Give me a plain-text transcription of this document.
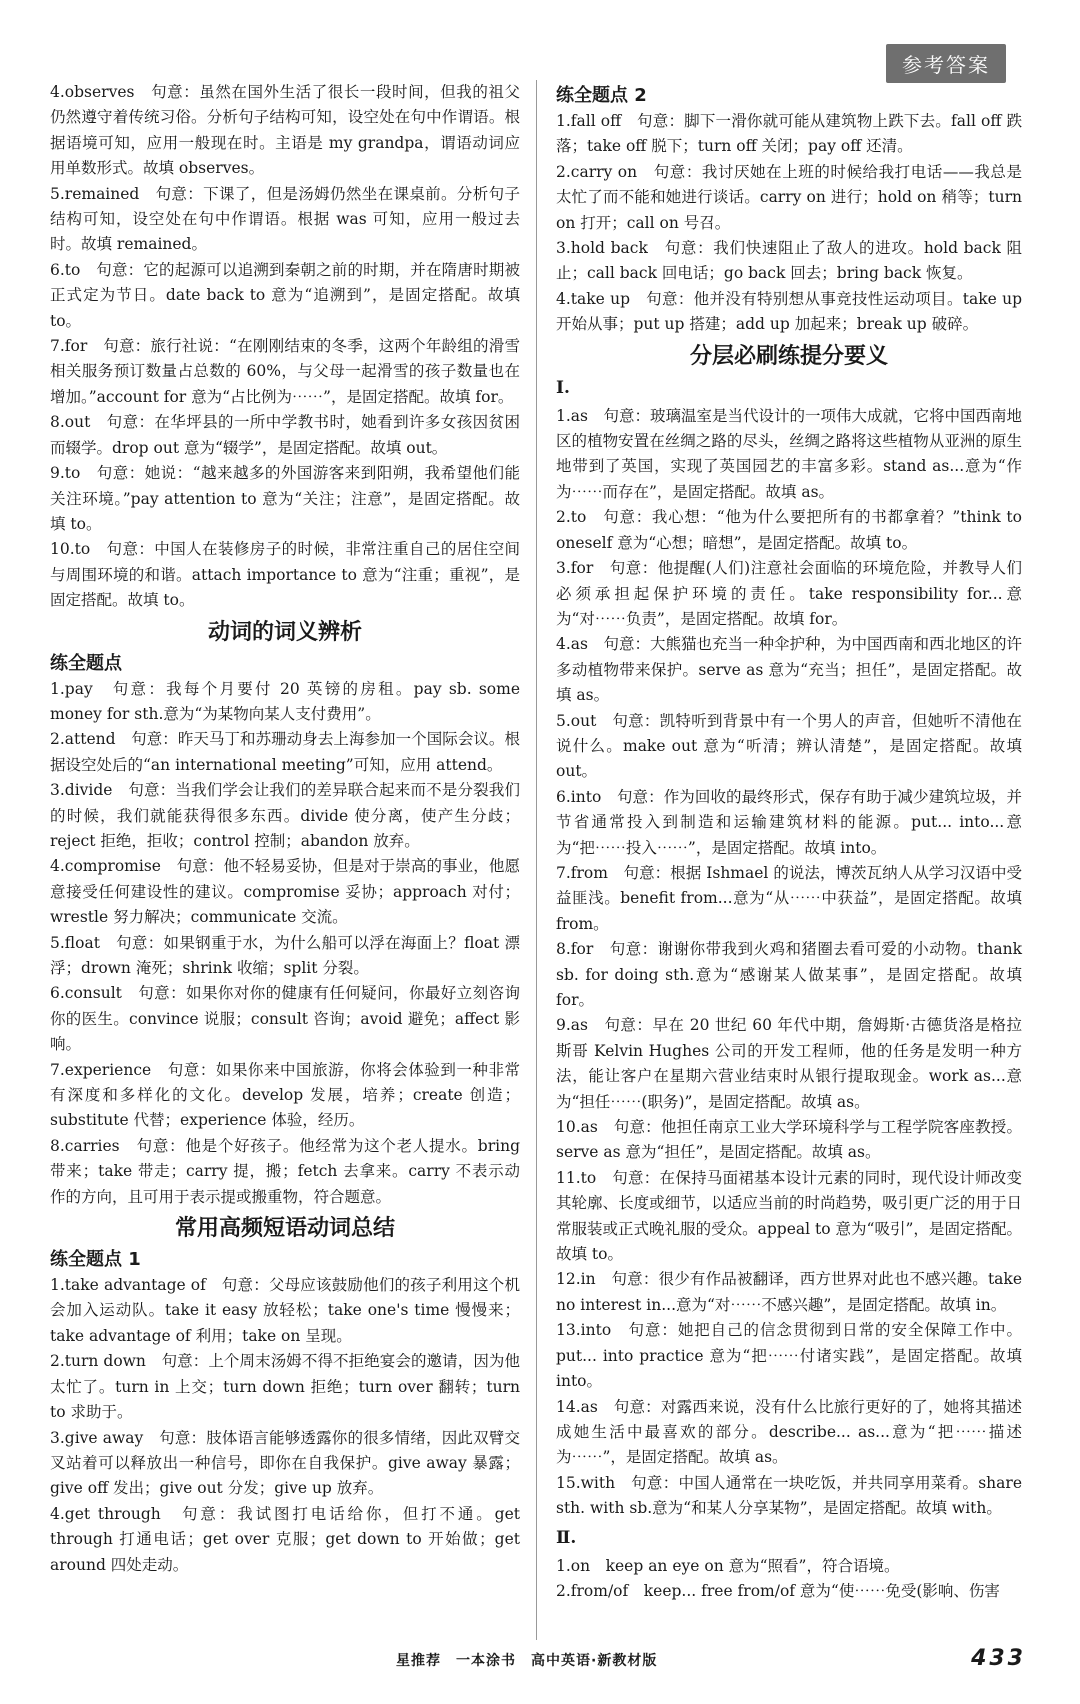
参考答案

4.observes　句意：虽然在国外生活了很长一段时间，但我的祖父仍然遵守着传统习俗。分析句子结构可知，设空处在句中作谓语。根据语境可知，应用一般现在时。主语是 my grandpa，谓语动词应用单数形式。故填 observes。

5.remained　句意：下课了，但是汤姆仍然坐在课桌前。分析句子结构可知，设空处在句中作谓语。根据 was 可知，应用一般过去时。故填 remained。

6.to　句意：它的起源可以追溯到秦朝之前的时期，并在隋唐时期被正式定为节日。date back to 意为“追溯到”，是固定搭配。故填 to。

7.for　句意：旅行社说：“在刚刚结束的冬季，这两个年龄组的滑雪相关服务预订数量占总数的 60%，与父母一起滑雪的孩子数量也在增加。”account for 意为“占比例为⋯⋯”，是固定搭配。故填 for。

8.out　句意：在华坪县的一所中学教书时，她看到许多女孩因贫困而辍学。drop out 意为“辍学”，是固定搭配。故填 out。

9.to　句意：她说：“越来越多的外国游客来到阳朔，我希望他们能关注环境。”pay attention to 意为“关注；注意”，是固定搭配。故填 to。

10.to　句意：中国人在装修房子的时候，非常注重自己的居住空间与周围环境的和谐。attach importance to 意为“注重；重视”，是固定搭配。故填 to。

动词的词义辨析
练全题点

1.pay　句意：我每个月要付 20 英镑的房租。pay sb. some money for sth.意为“为某物向某人支付费用”。

2.attend　句意：昨天马丁和苏珊动身去上海参加一个国际会议。根据设空处后的“an international meeting”可知，应用 attend。

3.divide　句意：当我们学会让我们的差异联合起来而不是分裂我们的时候，我们就能获得很多东西。divide 使分离，使产生分歧；reject 拒绝，拒收；control 控制；abandon 放弃。

4.compromise　句意：他不轻易妥协，但是对于崇高的事业，他愿意接受任何建设性的建议。compromise 妥协；approach 对付；wrestle 努力解决；communicate 交流。

5.float　句意：如果钢重于水，为什么船可以浮在海面上？float 漂浮；drown 淹死；shrink 收缩；split 分裂。

6.consult　句意：如果你对你的健康有任何疑问，你最好立刻咨询你的医生。convince 说服；consult 咨询；avoid 避免；affect 影响。

7.experience　句意：如果你来中国旅游，你将会体验到一种非常有深度和多样化的文化。develop 发展，培养；create 创造；substitute 代替；experience 体验，经历。

8.carries　句意：他是个好孩子。他经常为这个老人提水。bring 带来；take 带走；carry 提，搬；fetch 去拿来。carry 不表示动作的方向，且可用于表示提或搬重物，符合题意。

常用高频短语动词总结
练全题点 1

1.take advantage of　句意：父母应该鼓励他们的孩子利用这个机会加入运动队。take it easy 放轻松；take one's time 慢慢来；take advantage of 利用；take on 呈现。

2.turn down　句意：上个周末汤姆不得不拒绝宴会的邀请，因为他太忙了。turn in 上交；turn down 拒绝；turn over 翻转；turn to 求助于。

3.give away　句意：肢体语言能够透露你的很多情绪，因此双臂交叉站着可以释放出一种信号，即你在自我保护。give away 暴露；give off 发出；give out 分发；give up 放弃。

4.get through　句意：我试图打电话给你，但打不通。get through 打通电话；get over 克服；get down to 开始做；get around 四处走动。

练全题点 2

1.fall off　句意：脚下一滑你就可能从建筑物上跌下去。fall off 跌落；take off 脱下；turn off 关闭；pay off 还清。

2.carry on　句意：我讨厌她在上班的时候给我打电话——我总是太忙了而不能和她进行谈话。carry on 进行；hold on 稍等；turn on 打开；call on 号召。

3.hold back　句意：我们快速阻止了敌人的进攻。hold back 阻止；call back 回电话；go back 回去；bring back 恢复。

4.take up　句意：他并没有特别想从事竞技性运动项目。take up 开始从事；put up 搭建；add up 加起来；break up 破碎。

分层必刷练提分要义
Ⅰ.

1.as　句意：玻璃温室是当代设计的一项伟大成就，它将中国西南地区的植物安置在丝绸之路的尽头，丝绸之路将这些植物从亚洲的原生地带到了英国，实现了英国园艺的丰富多彩。stand as...意为“作为⋯⋯而存在”，是固定搭配。故填 as。

2.to　句意：我心想：“他为什么要把所有的书都拿着？”think to oneself 意为“心想；暗想”，是固定搭配。故填 to。

3.for　句意：他提醒(人们)注意社会面临的环境危险，并教导人们必须承担起保护环境的责任。take responsibility for...意为“对⋯⋯负责”，是固定搭配。故填 for。

4.as　句意：大熊猫也充当一种伞护种，为中国西南和西北地区的许多动植物带来保护。serve as 意为“充当；担任”，是固定搭配。故填 as。

5.out　句意：凯特听到背景中有一个男人的声音，但她听不清他在说什么。make out 意为“听清；辨认清楚”，是固定搭配。故填 out。

6.into　句意：作为回收的最终形式，保存有助于减少建筑垃圾，并节省通常投入到制造和运输建筑材料的能源。put... into...意为“把⋯⋯投入⋯⋯”，是固定搭配。故填 into。

7.from　句意：根据 Ishmael 的说法，博茨瓦纳人从学习汉语中受益匪浅。benefit from...意为“从⋯⋯中获益”，是固定搭配。故填 from。

8.for　句意：谢谢你带我到火鸡和猪圈去看可爱的小动物。thank sb. for doing sth.意为“感谢某人做某事”，是固定搭配。故填 for。

9.as　句意：早在 20 世纪 60 年代中期，詹姆斯·古德货洛是格拉斯哥 Kelvin Hughes 公司的开发工程师，他的任务是发明一种方法，能让客户在星期六营业结束时从银行提取现金。work as...意为“担任⋯⋯(职务)”，是固定搭配。故填 as。

10.as　句意：他担任南京工业大学环境科学与工程学院客座教授。serve as 意为“担任”，是固定搭配。故填 as。

11.to　句意：在保持马面裙基本设计元素的同时，现代设计师改变其轮廓、长度或细节，以适应当前的时尚趋势，吸引更广泛的用于日常服装或正式晚礼服的受众。appeal to 意为“吸引”，是固定搭配。故填 to。

12.in　句意：很少有作品被翻译，西方世界对此也不感兴趣。take no interest in...意为“对⋯⋯不感兴趣”，是固定搭配。故填 in。

13.into　句意：她把自己的信念贯彻到日常的安全保障工作中。put... into practice 意为“把⋯⋯付诸实践”，是固定搭配。故填 into。

14.as　句意：对露西来说，没有什么比旅行更好的了，她将其描述成她生活中最喜欢的部分。describe... as...意为“把⋯⋯描述为⋯⋯”，是固定搭配。故填 as。

15.with　句意：中国人通常在一块吃饭，并共同享用菜肴。share sth. with sb.意为“和某人分享某物”，是固定搭配。故填 with。

Ⅱ.

1.on　keep an eye on 意为“照看”，符合语境。

2.from/of　keep... free from/of 意为“使⋯⋯免受(影响、伤害

星推荐　一本涂书　高中英语·新教材版	433
